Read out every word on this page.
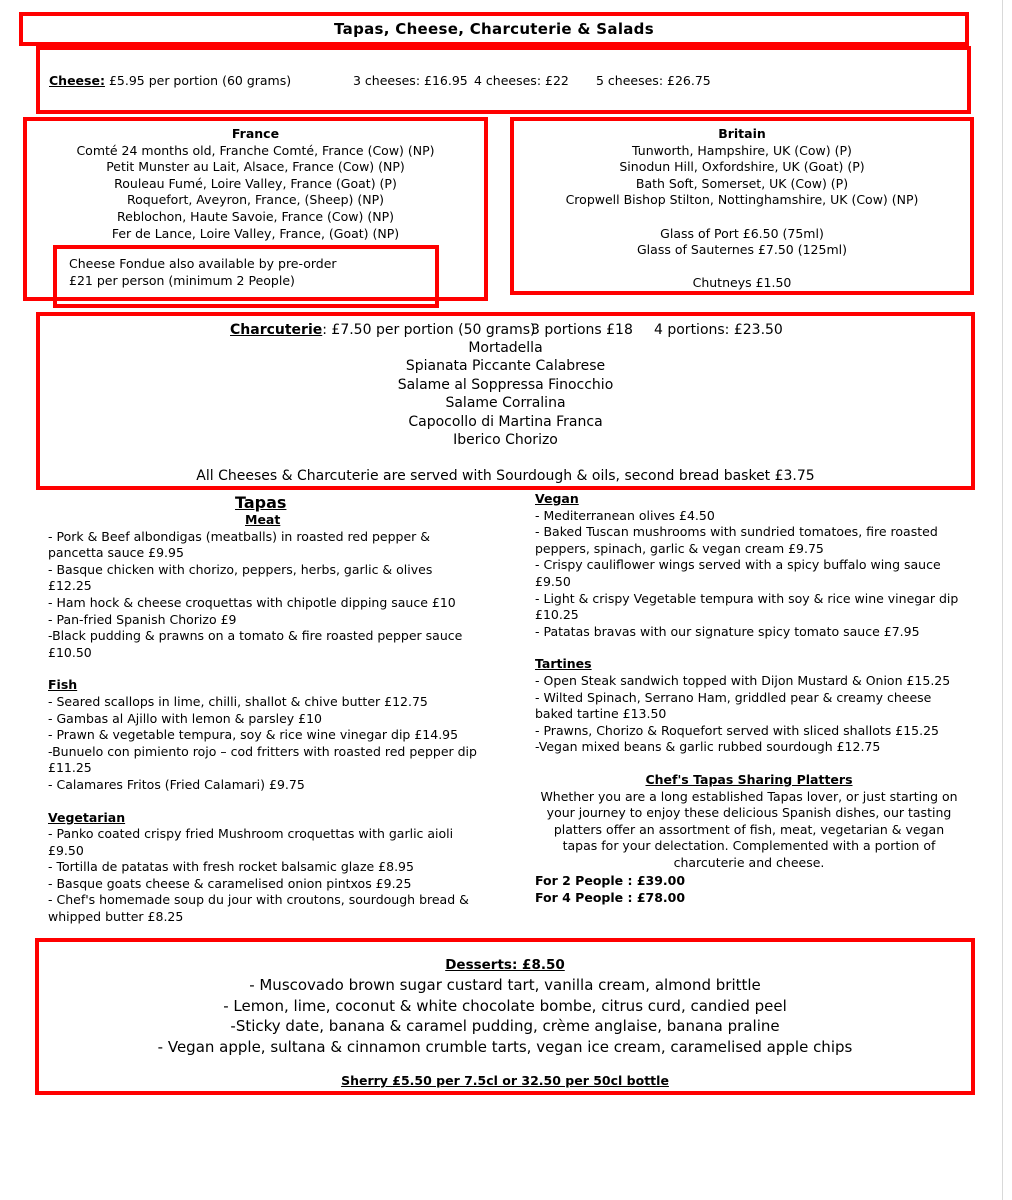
Tapas, Cheese, Charcuterie & Salads
Cheese: £5.95 per portion (60 grams)	3 cheeses: £16.95 4 cheeses: £22 5 cheeses: £26.75
France
Comté 24 months old, Franche Comté, France (Cow) (NP)
Petit Munster au Lait, Alsace, France (Cow) (NP)
Rouleau Fumé, Loire Valley, France (Goat) (P)
Roquefort, Aveyron, France, (Sheep) (NP)
Reblochon, Haute Savoie, France (Cow) (NP)
Fer de Lance, Loire Valley, France, (Goat) (NP)
Cheese Fondue also available by pre-order
£21 per person (minimum 2 People)
Britain
Tunworth, Hampshire, UK (Cow) (P)
Sinodun Hill, Oxfordshire, UK (Goat) (P)
Bath Soft, Somerset, UK (Cow) (P)
Cropwell Bishop Stilton, Nottinghamshire, UK (Cow) (NP)
Glass of Port £6.50 (75ml)
Glass of Sauternes £7.50 (125ml)
Chutneys £1.50
Charcuterie: £7.50 per portion (50 grams)
3 portions £18 4 portions: £23.50
Mortadella
Spianata Piccante Calabrese
Salame al Soppressa Finocchio
Salame Corralina
Capocollo di Martina Franca
Iberico Chorizo
All Cheeses & Charcuterie are served with Sourdough & oils, second bread basket £3.75
Tapas
Meat
- Pork & Beef albondigas (meatballs) in roasted red pepper & pancetta sauce £9.95
- Basque chicken with chorizo, peppers, herbs, garlic & olives £12.25
- Ham hock & cheese croquettas with chipotle dipping sauce £10
- Pan-fried Spanish Chorizo £9
-Black pudding & prawns on a tomato & fire roasted pepper sauce £10.50
Fish
- Seared scallops in lime, chilli, shallot & chive butter £12.75
- Gambas al Ajillo with lemon & parsley £10
- Prawn & vegetable tempura, soy & rice wine vinegar dip £14.95
-Bunuelo con pimiento rojo – cod fritters with roasted red pepper dip £11.25
- Calamares Fritos (Fried Calamari) £9.75
Vegetarian
- Panko coated crispy fried Mushroom croquettas with garlic aioli £9.50
- Tortilla de patatas with fresh rocket balsamic glaze £8.95
- Basque goats cheese & caramelised onion pintxos £9.25
- Chef's homemade soup du jour with croutons, sourdough bread & whipped butter £8.25
Vegan
- Mediterranean olives £4.50
- Baked Tuscan mushrooms with sundried tomatoes, fire roasted peppers, spinach, garlic & vegan cream £9.75
- Crispy cauliflower wings served with a spicy buffalo wing sauce £9.50
- Light & crispy Vegetable tempura with soy & rice wine vinegar dip £10.25
- Patatas bravas with our signature spicy tomato sauce £7.95
Tartines
- Open Steak sandwich topped with Dijon Mustard & Onion £15.25
- Wilted Spinach, Serrano Ham, griddled pear & creamy cheese baked tartine £13.50
- Prawns, Chorizo & Roquefort served with sliced shallots £15.25
-Vegan mixed beans & garlic rubbed sourdough £12.75
Chef's Tapas Sharing Platters
Whether you are a long established Tapas lover, or just starting on your journey to enjoy these delicious Spanish dishes, our tasting platters offer an assortment of fish, meat, vegetarian & vegan tapas for your delectation. Complemented with a portion of charcuterie and cheese.
For 2 People : £39.00
For 4 People : £78.00
Desserts: £8.50
- Muscovado brown sugar custard tart, vanilla cream, almond brittle
- Lemon, lime, coconut & white chocolate bombe, citrus curd, candied peel
-Sticky date, banana & caramel pudding, crème anglaise, banana praline
- Vegan apple, sultana & cinnamon crumble tarts, vegan ice cream, caramelised apple chips
Sherry £5.50 per 7.5cl or 32.50 per 50cl bottle
